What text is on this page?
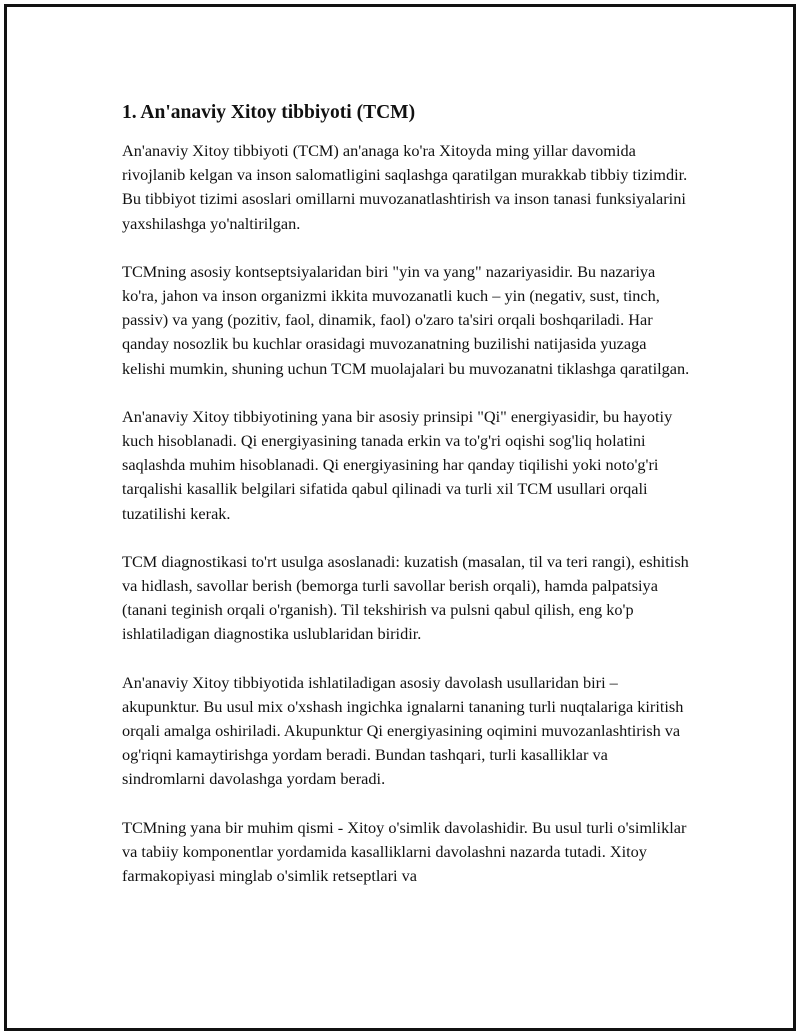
1. An'anaviy Xitoy tibbiyoti (TCM)

An'anaviy Xitoy tibbiyoti (TCM) an'anaga ko'ra Xitoyda ming yillar davomida rivojlanib kelgan va inson salomatligini saqlashga qaratilgan murakkab tibbiy tizimdir. Bu tibbiyot tizimi asoslari omillarni muvozanatlashtirish va inson tanasi funksiyalarini yaxshilashga yo'naltirilgan.

TCMning asosiy kontseptsiyalaridan biri "yin va yang" nazariyasidir. Bu nazariya ko'ra, jahon va inson organizmi ikkita muvozanatli kuch – yin (negativ, sust, tinch, passiv) va yang (pozitiv, faol, dinamik, faol) o'zaro ta'siri orqali boshqariladi. Har qanday nosozlik bu kuchlar orasidagi muvozanatning buzilishi natijasida yuzaga kelishi mumkin, shuning uchun TCM muolajalari bu muvozanatni tiklashga qaratilgan.

An'anaviy Xitoy tibbiyotining yana bir asosiy prinsipi "Qi" energiyasidir, bu hayotiy kuch hisoblanadi. Qi energiyasining tanada erkin va to'g'ri oqishi sog'liq holatini saqlashda muhim hisoblanadi. Qi energiyasining har qanday tiqilishi yoki noto'g'ri tarqalishi kasallik belgilari sifatida qabul qilinadi va turli xil TCM usullari orqali tuzatilishi kerak.

TCM diagnostikasi to'rt usulga asoslanadi: kuzatish (masalan, til va teri rangi), eshitish va hidlash, savollar berish (bemorga turli savollar berish orqali), hamda palpatsiya (tanani teginish orqali o'rganish). Til tekshirish va pulsni qabul qilish, eng ko'p ishlatiladigan diagnostika uslublaridan biridir.

An'anaviy Xitoy tibbiyotida ishlatiladigan asosiy davolash usullaridan biri – akupunktur. Bu usul mix o'xshash ingichka ignalarni tananing turli nuqtalariga kiritish orqali amalga oshiriladi. Akupunktur Qi energiyasining oqimini muvozanlashtirish va og'riqni kamaytirishga yordam beradi. Bundan tashqari, turli kasalliklar va sindromlarni davolashga yordam beradi.

TCMning yana bir muhim qismi - Xitoy o'simlik davolashidir. Bu usul turli o'simliklar va tabiiy komponentlar yordamida kasalliklarni davolashni nazarda tutadi. Xitoy farmakopiyasi minglab o'simlik retseptlari va
